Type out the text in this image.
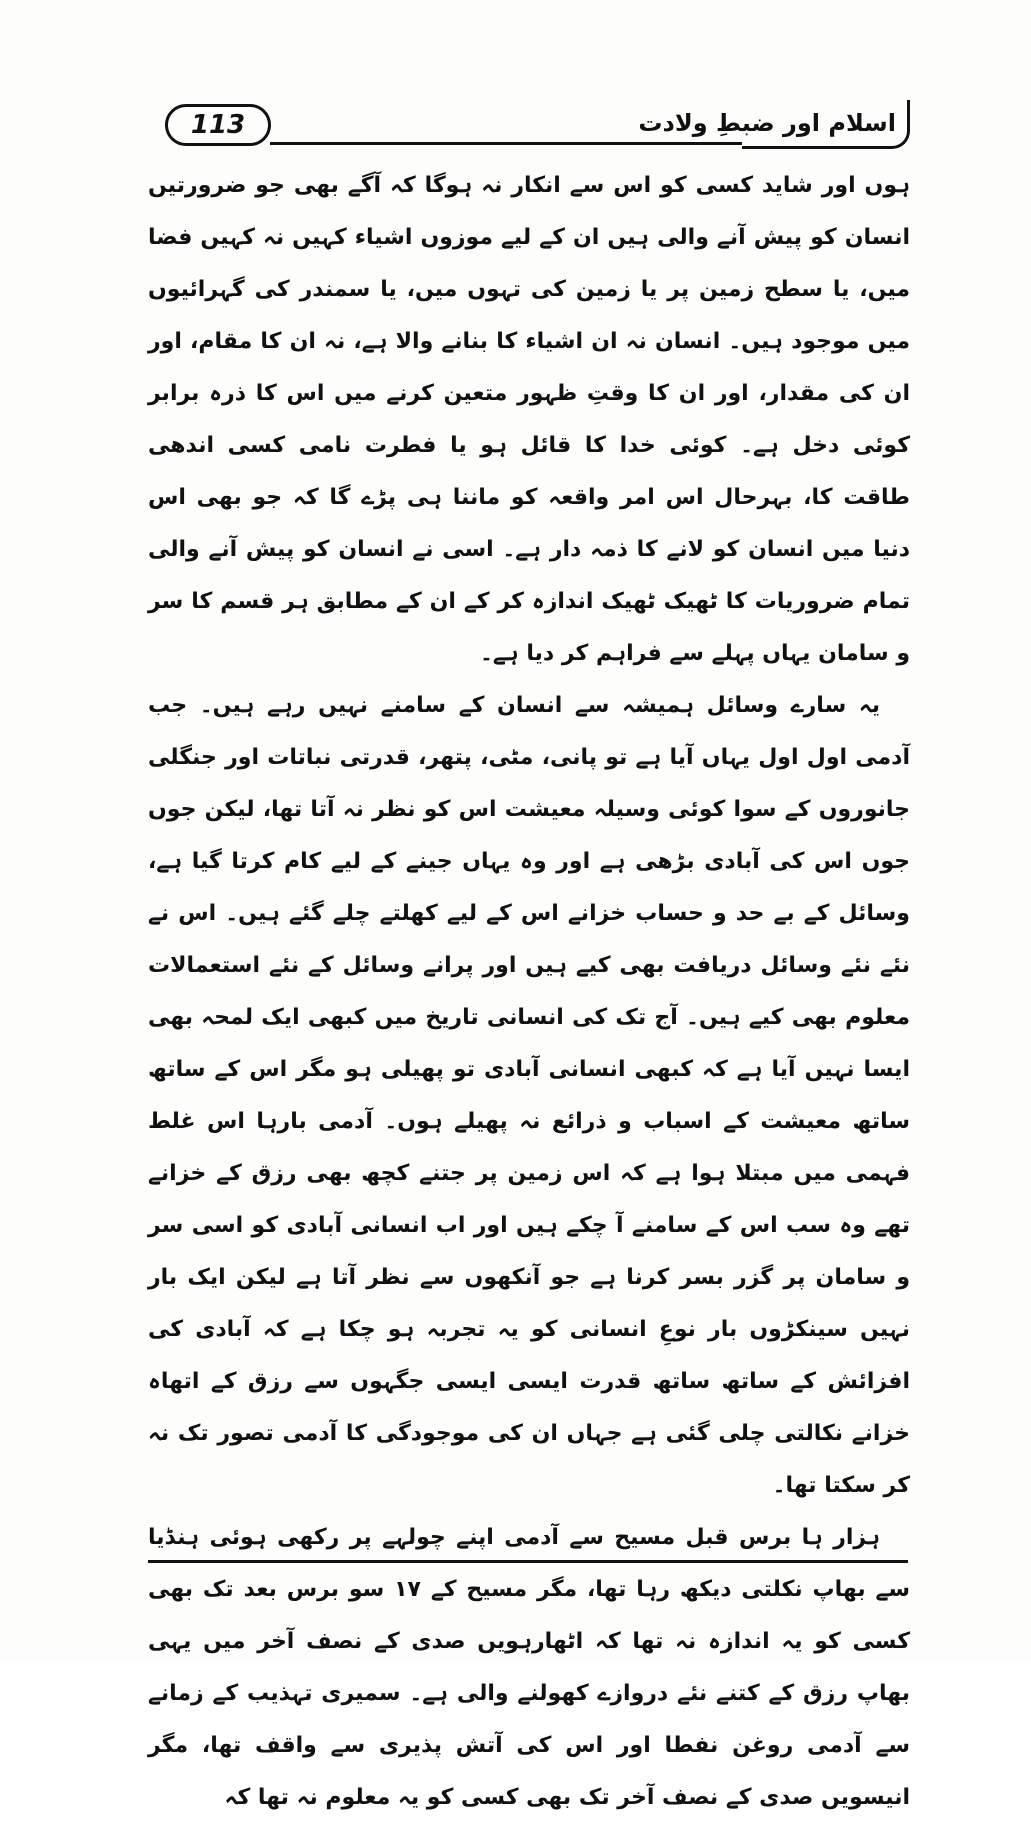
113	اسلام اور ضبطِ ولادت

ہوں اور شاید کسی کو اس سے انکار نہ ہوگا کہ آگے بھی جو ضرورتیں انسان کو پیش آنے والی ہیں ان کے لیے موزوں اشیاء کہیں نہ کہیں فضا میں، یا سطح زمین پر یا زمین کی تہوں میں، یا سمندر کی گہرائیوں میں موجود ہیں۔ انسان نہ ان اشیاء کا بنانے والا ہے، نہ ان کا مقام، اور ان کی مقدار، اور ان کا وقتِ ظہور متعین کرنے میں اس کا ذرہ برابر کوئی دخل ہے۔ کوئی خدا کا قائل ہو یا فطرت نامی کسی اندھی طاقت کا، بہرحال اس امر واقعہ کو ماننا ہی پڑے گا کہ جو بھی اس دنیا میں انسان کو لانے کا ذمہ دار ہے۔ اسی نے انسان کو پیش آنے والی تمام ضروریات کا ٹھیک ٹھیک اندازہ کر کے ان کے مطابق ہر قسم کا سر و سامان یہاں پہلے سے فراہم کر دیا ہے۔

یہ سارے وسائل ہمیشہ سے انسان کے سامنے نہیں رہے ہیں۔ جب آدمی اول اول یہاں آیا ہے تو پانی، مٹی، پتھر، قدرتی نباتات اور جنگلی جانوروں کے سوا کوئی وسیلہ معیشت اس کو نظر نہ آتا تھا، لیکن جوں جوں اس کی آبادی بڑھی ہے اور وہ یہاں جینے کے لیے کام کرتا گیا ہے، وسائل کے بے حد و حساب خزانے اس کے لیے کھلتے چلے گئے ہیں۔ اس نے نئے نئے وسائل دریافت بھی کیے ہیں اور پرانے وسائل کے نئے استعمالات معلوم بھی کیے ہیں۔ آج تک کی انسانی تاریخ میں کبھی ایک لمحہ بھی ایسا نہیں آیا ہے کہ کبھی انسانی آبادی تو پھیلی ہو مگر اس کے ساتھ ساتھ معیشت کے اسباب و ذرائع نہ پھیلے ہوں۔ آدمی بارہا اس غلط فہمی میں مبتلا ہوا ہے کہ اس زمین پر جتنے کچھ بھی رزق کے خزانے تھے وہ سب اس کے سامنے آ چکے ہیں اور اب انسانی آبادی کو اسی سر و سامان پر گزر بسر کرنا ہے جو آنکھوں سے نظر آتا ہے لیکن ایک بار نہیں سینکڑوں بار نوعِ انسانی کو یہ تجربہ ہو چکا ہے کہ آبادی کی افزائش کے ساتھ ساتھ قدرت ایسی ایسی جگہوں سے رزق کے اتھاہ خزانے نکالتی چلی گئی ہے جہاں ان کی موجودگی کا آدمی تصور تک نہ کر سکتا تھا۔

ہزار ہا برس قبل مسیح سے آدمی اپنے چولہے پر رکھی ہوئی ہنڈیا سے بھاپ نکلتی دیکھ رہا تھا، مگر مسیح کے ۱۷ سو برس بعد تک بھی کسی کو یہ اندازہ نہ تھا کہ اٹھارہویں صدی کے نصف آخر میں یہی بھاپ رزق کے کتنے نئے دروازے کھولنے والی ہے۔ سمیری تہذیب کے زمانے سے آدمی روغن نفطا اور اس کی آتش پذیری سے واقف تھا، مگر انیسویں صدی کے نصف آخر تک بھی کسی کو یہ معلوم نہ تھا کہ
